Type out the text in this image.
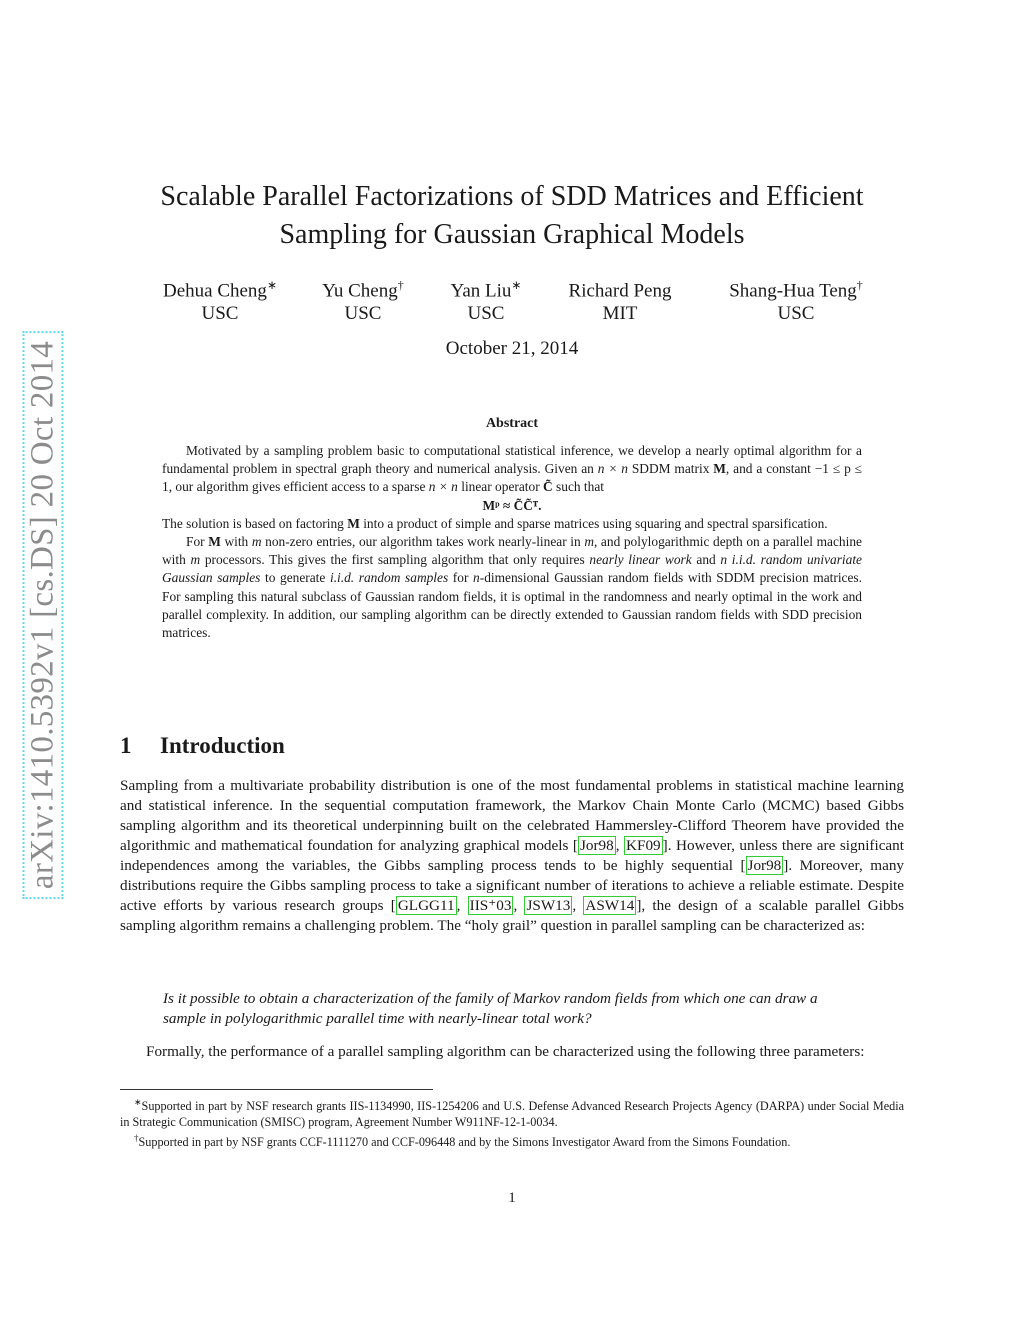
arXiv:1410.5392v1 [cs.DS] 20 Oct 2014
Scalable Parallel Factorizations of SDD Matrices and Efficient
Sampling for Gaussian Graphical Models
Dehua Cheng∗
USC
Yu Cheng†
USC
Yan Liu∗
USC
Richard Peng
MIT
Shang-Hua Teng†
USC
October 21, 2014
Abstract

Motivated by a sampling problem basic to computational statistical inference, we develop a nearly optimal algorithm for a fundamental problem in spectral graph theory and numerical analysis. Given an n × n SDDM matrix M, and a constant −1 ≤ p ≤ 1, our algorithm gives efficient access to a sparse n × n linear operator C̃ such that

Mᵖ ≈ C̃C̃ᵀ.

The solution is based on factoring M into a product of simple and sparse matrices using squaring and spectral sparsification.

For M with m non-zero entries, our algorithm takes work nearly-linear in m, and polylogarithmic depth on a parallel machine with m processors. This gives the first sampling algorithm that only requires nearly linear work and n i.i.d. random univariate Gaussian samples to generate i.i.d. random samples for n-dimensional Gaussian random fields with SDDM precision matrices. For sampling this natural subclass of Gaussian random fields, it is optimal in the randomness and nearly optimal in the work and parallel complexity. In addition, our sampling algorithm can be directly extended to Gaussian random fields with SDD precision matrices.

1 Introduction

Sampling from a multivariate probability distribution is one of the most fundamental problems in statistical machine learning and statistical inference. In the sequential computation framework, the Markov Chain Monte Carlo (MCMC) based Gibbs sampling algorithm and its theoretical underpinning built on the celebrated Hammersley-Clifford Theorem have provided the algorithmic and mathematical foundation for analyzing graphical models [ Jor98 , KF09 ]. However, unless there are significant independences among the variables, the Gibbs sampling process tends to be highly sequential [ Jor98 ]. Moreover, many distributions require the Gibbs sampling process to take a significant number of iterations to achieve a reliable estimate. Despite active efforts by various research groups [ GLGG11 , IIS⁺03 , JSW13 , ASW14 ], the design of a scalable parallel Gibbs sampling algorithm remains a challenging problem. The “holy grail” question in parallel sampling can be characterized as:

Is it possible to obtain a characterization of the family of Markov random fields from which one can draw a sample in polylogarithmic parallel time with nearly-linear total work?

Formally, the performance of a parallel sampling algorithm can be characterized using the following three parameters:

∗Supported in part by NSF research grants IIS-1134990, IIS-1254206 and U.S. Defense Advanced Research Projects Agency (DARPA) under Social Media in Strategic Communication (SMISC) program, Agreement Number W911NF-12-1-0034.

†Supported in part by NSF grants CCF-1111270 and CCF-096448 and by the Simons Investigator Award from the Simons Foundation.

1
